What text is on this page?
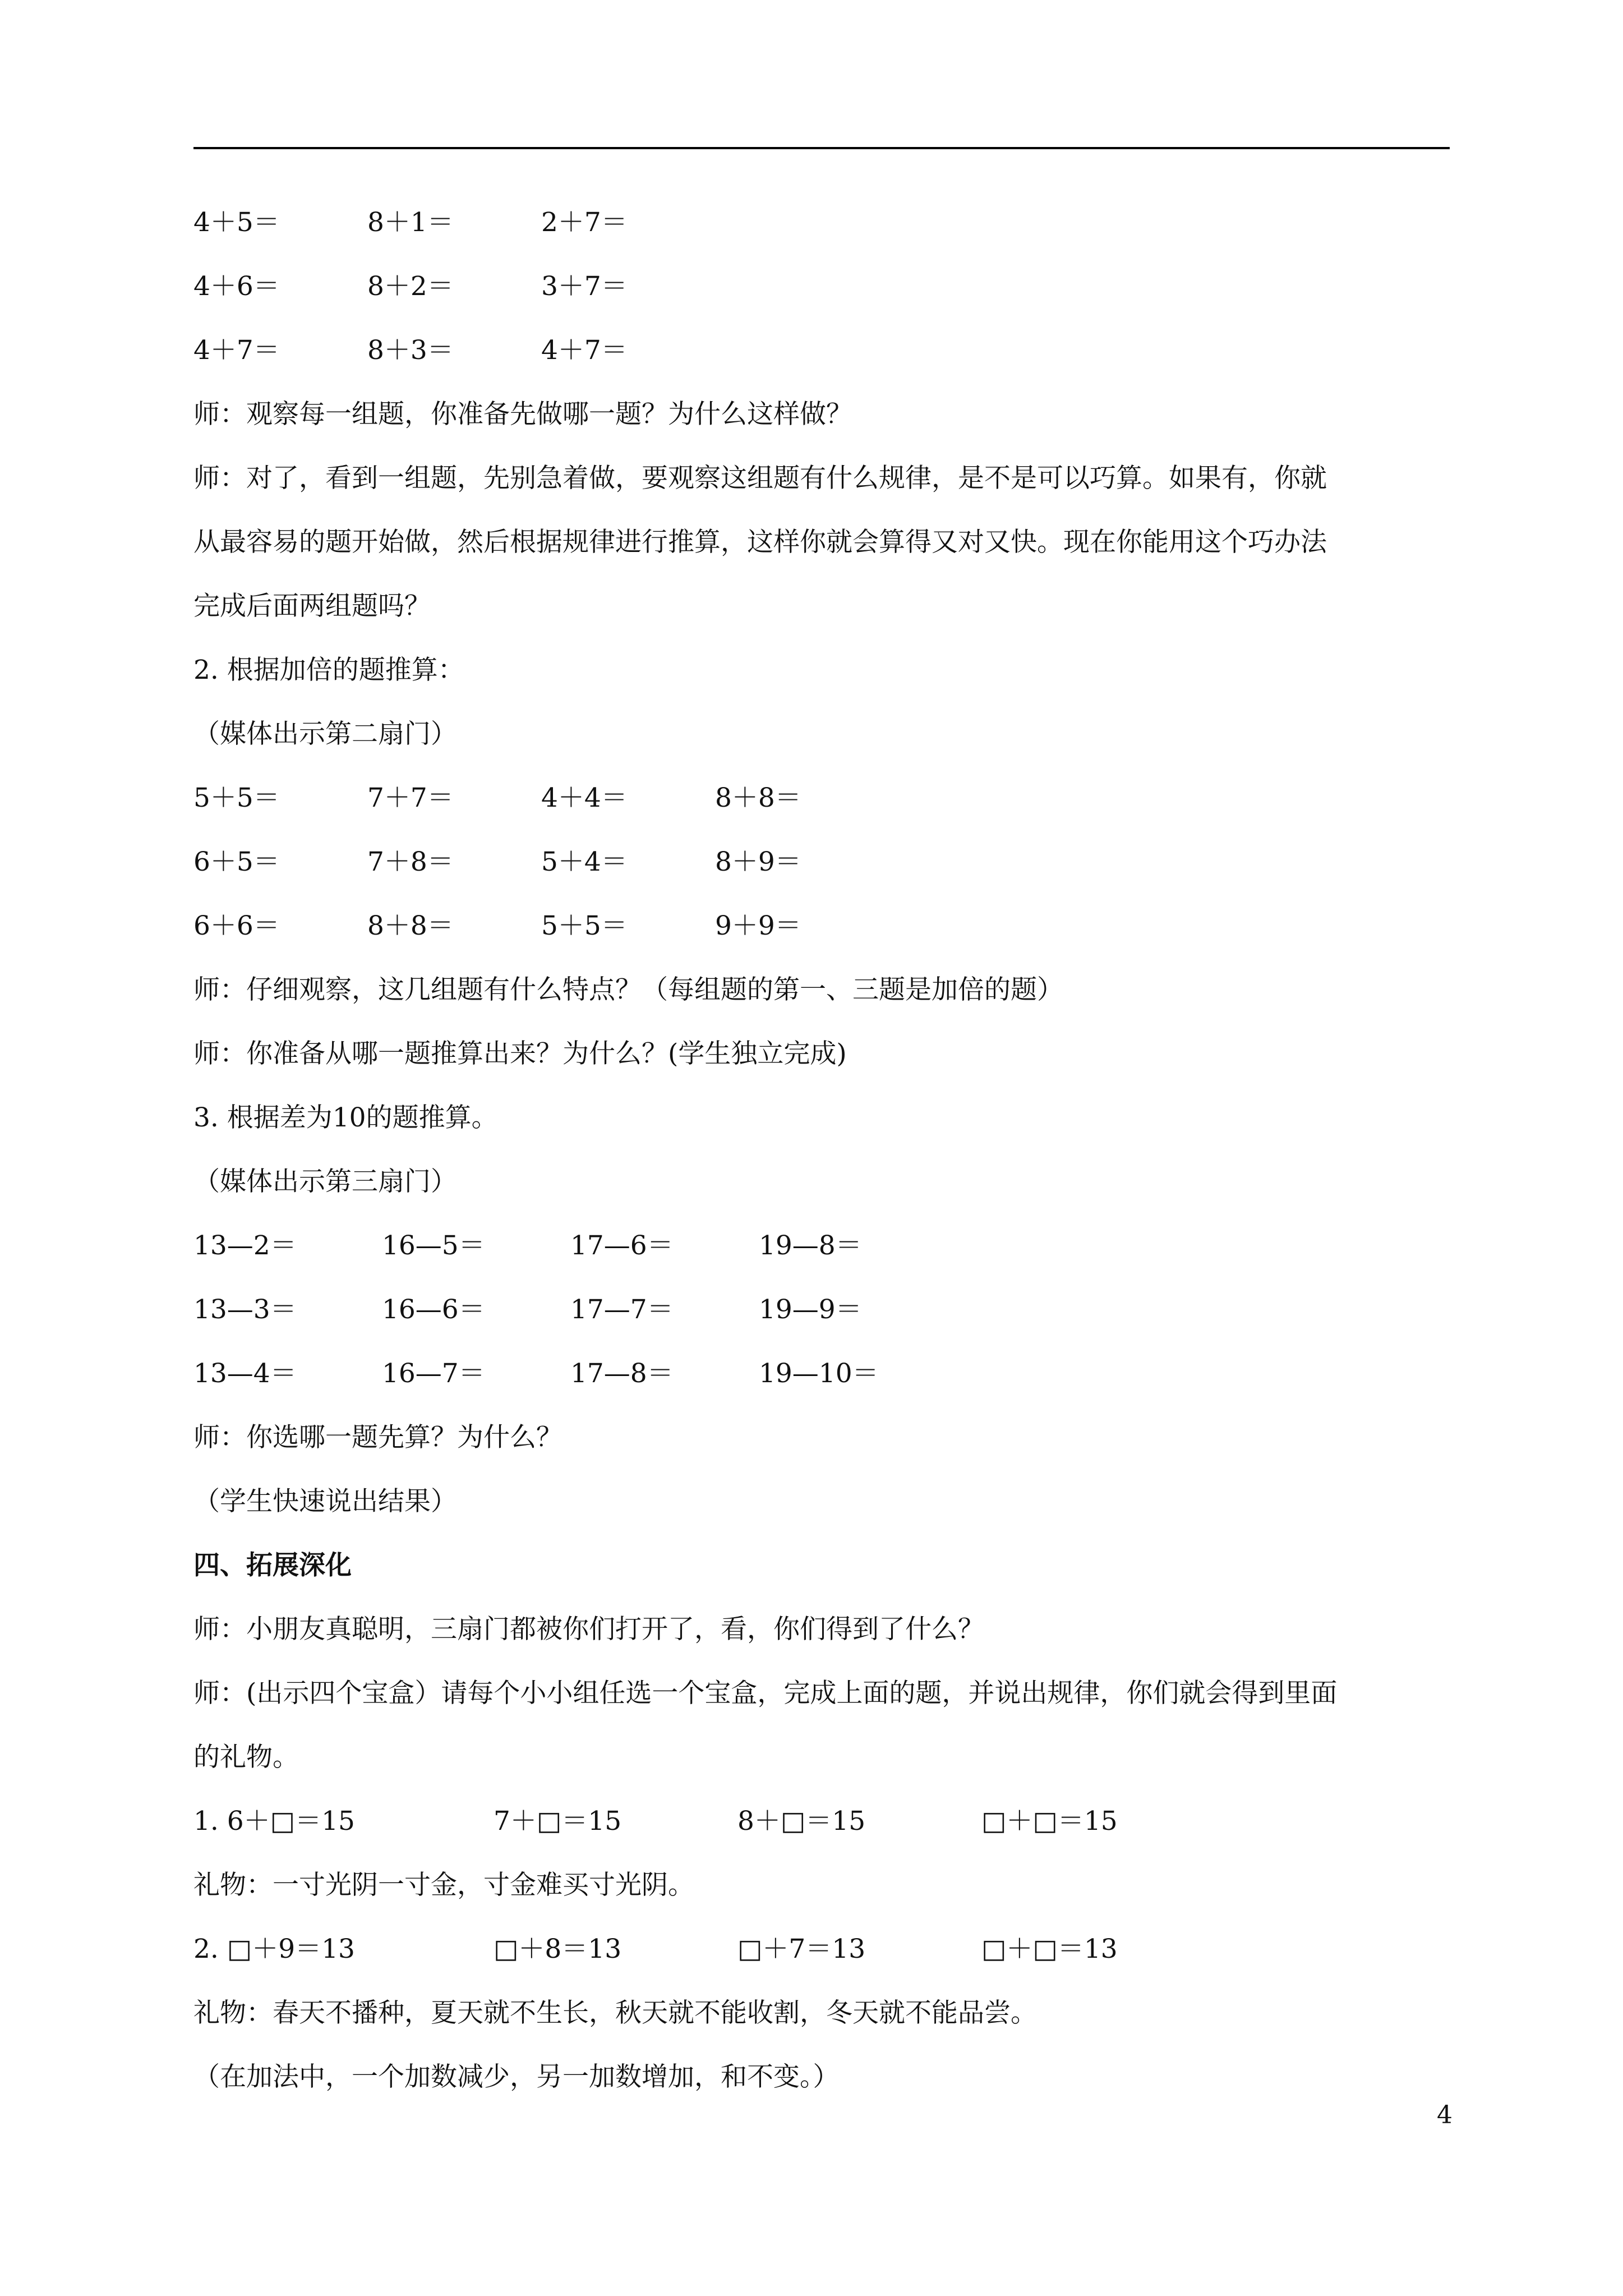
4＋5＝	8＋1＝	2＋7＝
4＋6＝	8＋2＝	3＋7＝
4＋7＝	8＋3＝	4＋7＝

师：观察每一组题，你准备先做哪一题？为什么这样做？

师：对了，看到一组题，先别急着做，要观察这组题有什么规律，是不是可以巧算。如果有，你就

从最容易的题开始做，然后根据规律进行推算，这样你就会算得又对又快。现在你能用这个巧办法

完成后面两组题吗？

2. 根据加倍的题推算：

（媒体出示第二扇门）

5＋5＝	7＋7＝	4＋4＝	8＋8＝
6＋5＝	7＋8＝	5＋4＝	8＋9＝
6＋6＝	8＋8＝	5＋5＝	9＋9＝

师：仔细观察，这几组题有什么特点？（每组题的第一、三题是加倍的题）

师：你准备从哪一题推算出来？为什么？(学生独立完成)

3. 根据差为10的题推算。

（媒体出示第三扇门）

13—2＝	16—5＝	17—6＝	19—8＝
13—3＝	16—6＝	17—7＝	19—9＝
13—4＝	16—7＝	17—8＝	19—10＝

师：你选哪一题先算？为什么？

（学生快速说出结果）

四、拓展深化

师：小朋友真聪明，三扇门都被你们打开了，看，你们得到了什么？

师：(出示四个宝盒）请每个小小组任选一个宝盒，完成上面的题，并说出规律，你们就会得到里面

的礼物。

1. 6＋□＝15	7＋□＝15	8＋□＝15	□＋□＝15

礼物：一寸光阴一寸金，寸金难买寸光阴。

2. □＋9＝13	□＋8＝13	□＋7＝13	□＋□＝13

礼物：春天不播种，夏天就不生长，秋天就不能收割，冬天就不能品尝。

（在加法中，一个加数减少，另一加数增加，和不变。）

4
